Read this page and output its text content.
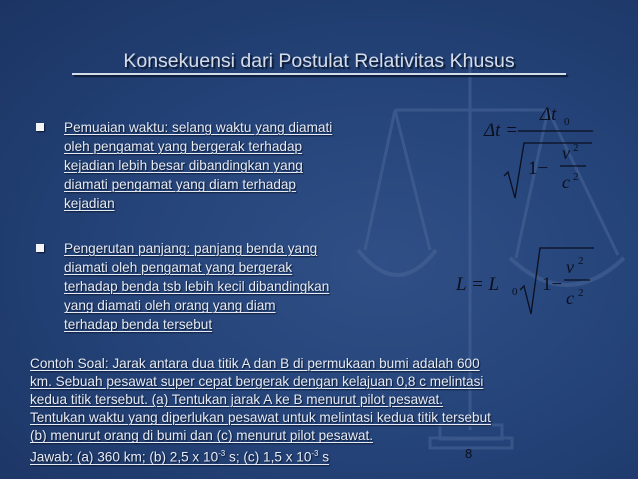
Konsekuensi dari Postulat Relativitas Khusus
Pemuaian waktu: selang waktu yang diamati
oleh pengamat yang bergerak terhadap
kejadian lebih besar dibandingkan yang
diamati pengamat yang diam terhadap
kejadian
Pengerutan panjang: panjang benda yang
diamati oleh pengamat yang bergerak
terhadap benda tsb lebih kecil dibandingkan
yang diamati oleh orang yang diam
terhadap benda tersebut
Δt =
Δt 0
1−
v 2
c 2
L = L 0 1−
v 2
c 2
Contoh Soal: Jarak antara dua titik A dan B di permukaan bumi adalah 600
km. Sebuah pesawat super cepat bergerak dengan kelajuan 0,8 c melintasi
kedua titik tersebut. (a) Tentukan jarak A ke B menurut pilot pesawat.
Tentukan waktu yang diperlukan pesawat untuk melintasi kedua titik tersebut
(b) menurut orang di bumi dan (c) menurut pilot pesawat.
Jawab: (a) 360 km; (b) 2,5 x $10^{-3}$ s; (c) 1,5 x $10^{-3}$ s	8
